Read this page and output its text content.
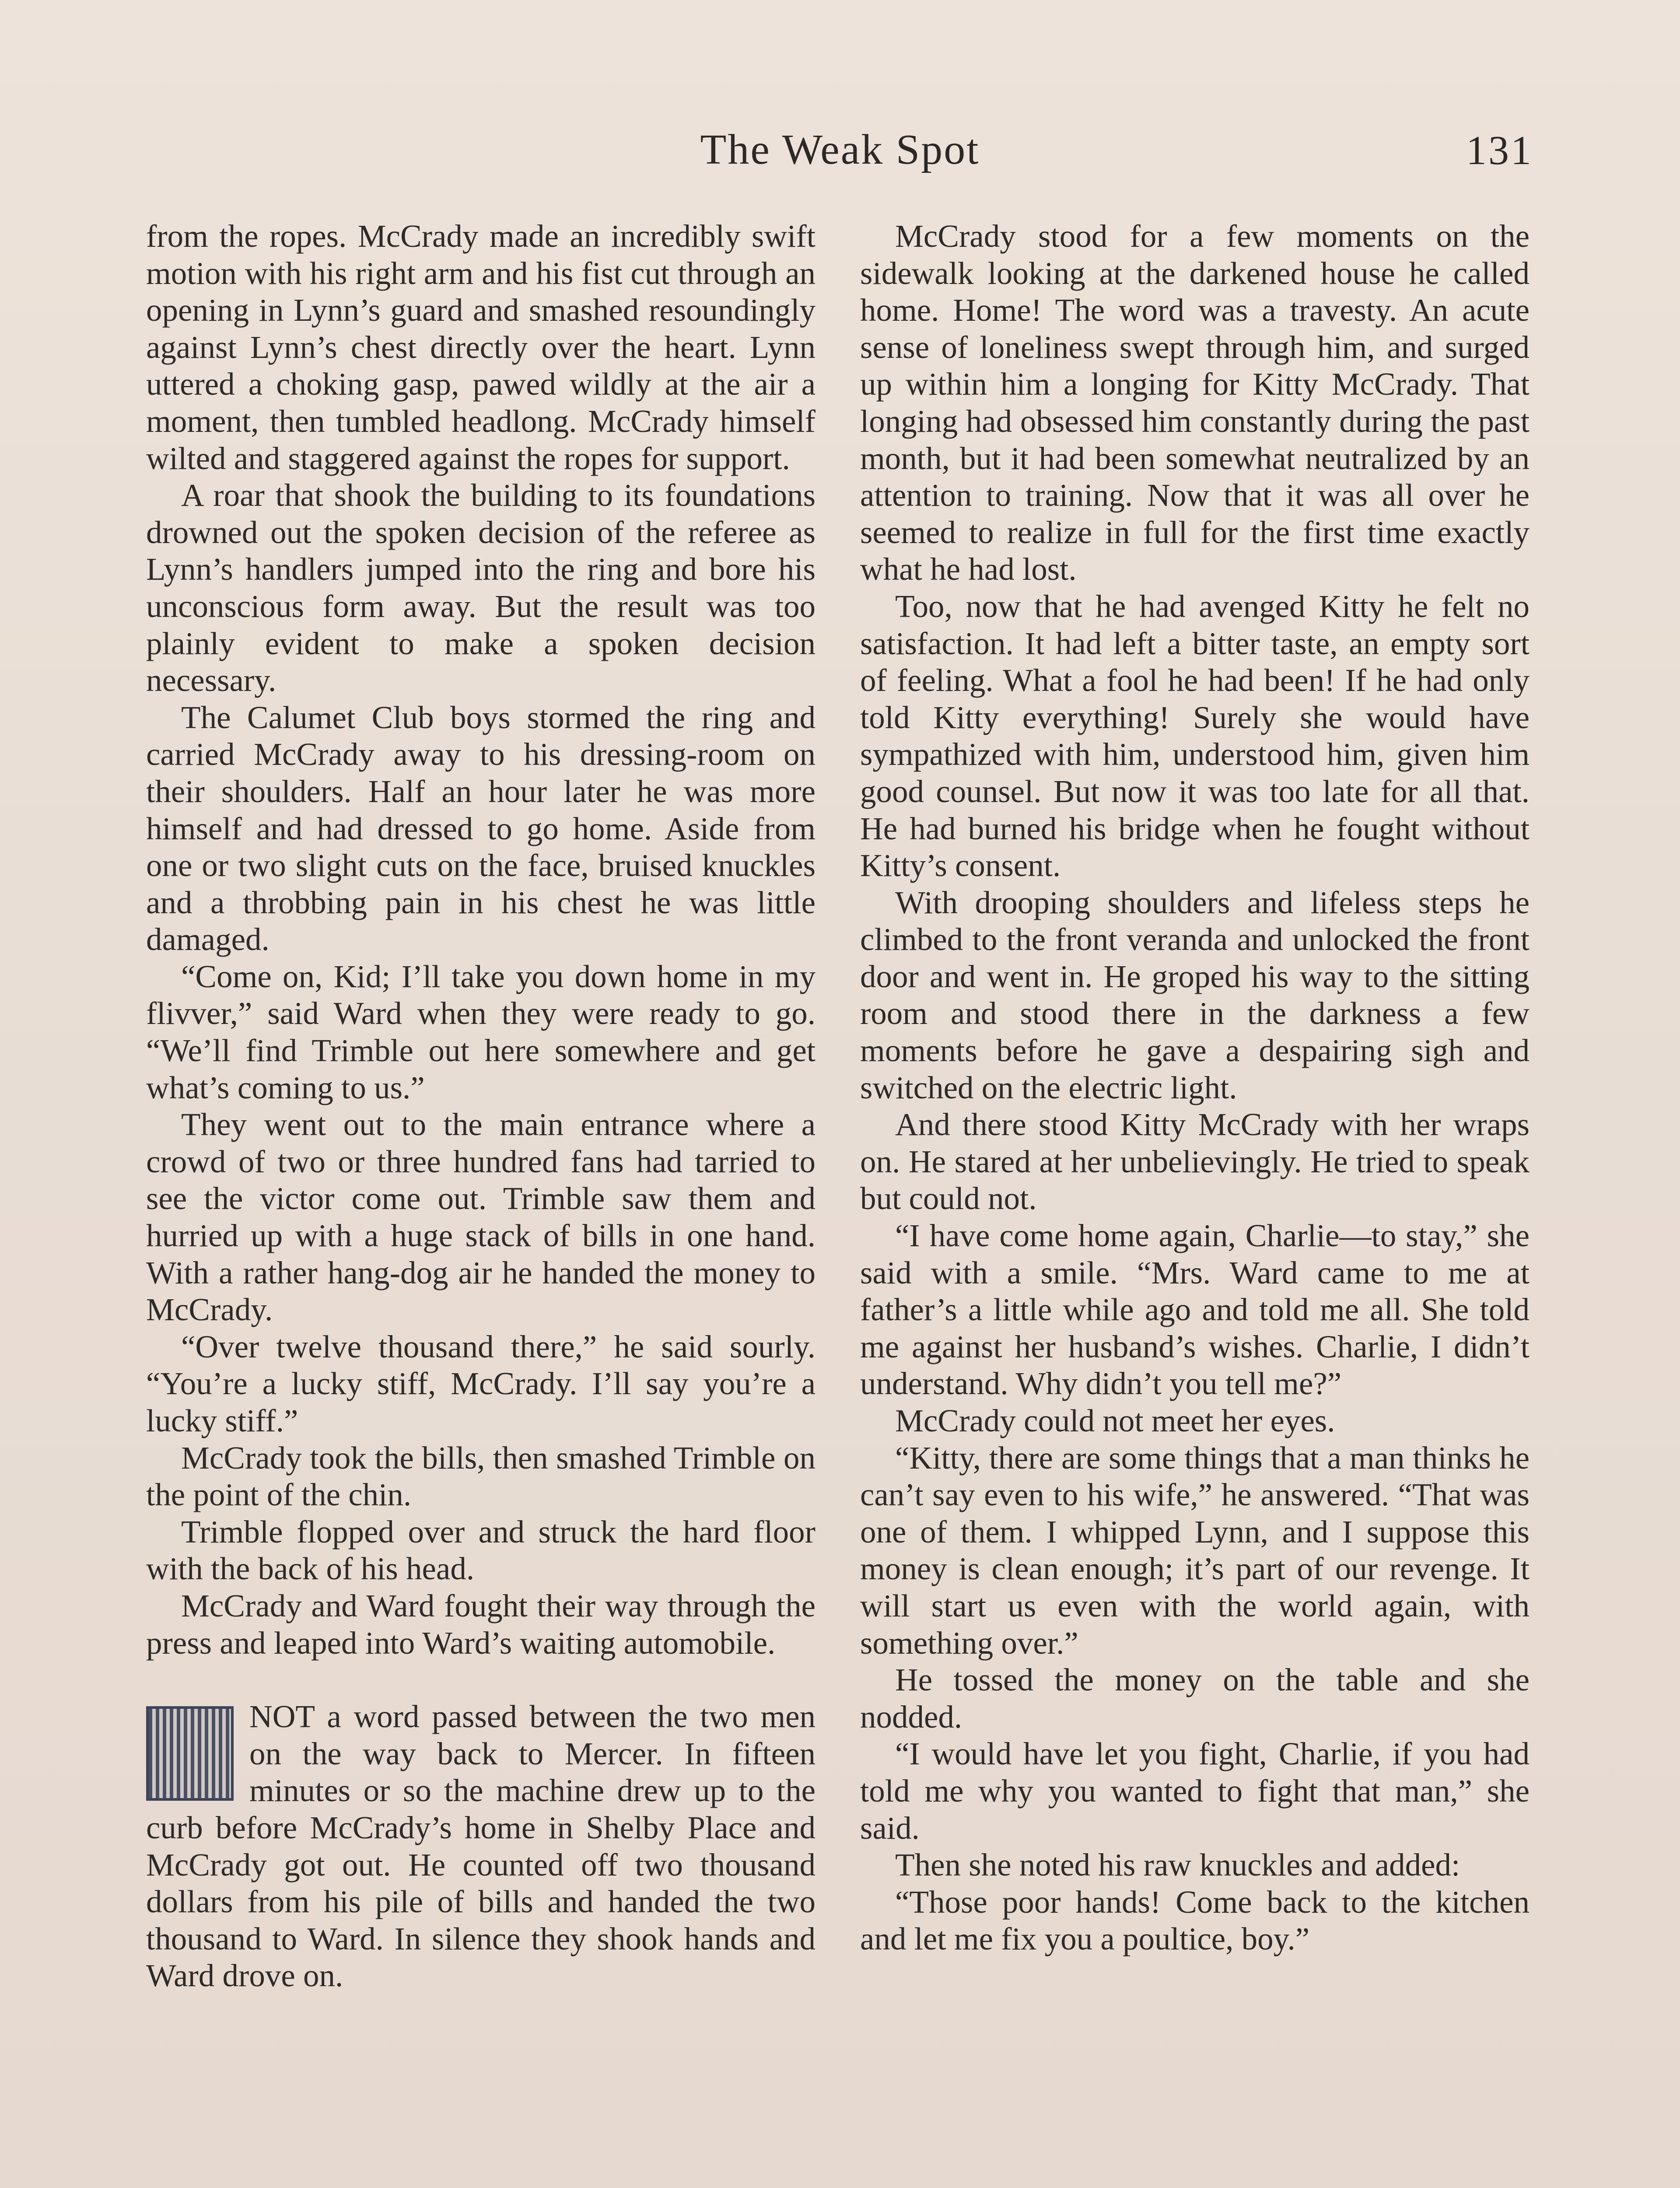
The Weak Spot	131

from the ropes. McCrady made an incredibly swift motion with his right arm and his fist cut through an opening in Lynn’s guard and smashed resoundingly against Lynn’s chest directly over the heart. Lynn uttered a choking gasp, pawed wildly at the air a moment, then tumbled headlong. McCrady himself wilted and staggered against the ropes for support.

A roar that shook the building to its foundations drowned out the spoken decision of the referee as Lynn’s handlers jumped into the ring and bore his unconscious form away. But the result was too plainly evident to make a spoken decision necessary.

The Calumet Club boys stormed the ring and carried McCrady away to his dressing-room on their shoulders. Half an hour later he was more himself and had dressed to go home. Aside from one or two slight cuts on the face, bruised knuckles and a throbbing pain in his chest he was little damaged.

“Come on, Kid; I’ll take you down home in my flivver,” said Ward when they were ready to go. “We’ll find Trimble out here somewhere and get what’s coming to us.”

They went out to the main entrance where a crowd of two or three hundred fans had tarried to see the victor come out. Trimble saw them and hurried up with a huge stack of bills in one hand. With a rather hang-dog air he handed the money to McCrady.

“Over twelve thousand there,” he said sourly. “You’re a lucky stiff, McCrady. I’ll say you’re a lucky stiff.”

McCrady took the bills, then smashed Trimble on the point of the chin.

Trimble flopped over and struck the hard floor with the back of his head.

McCrady and Ward fought their way through the press and leaped into Ward’s waiting automobile.

NOT a word passed between the two men on the way back to Mercer. In fifteen minutes or so the machine drew up to the curb before McCrady’s home in Shelby Place and McCrady got out. He counted off two thousand dollars from his pile of bills and handed the two thousand to Ward. In silence they shook hands and Ward drove on.

McCrady stood for a few moments on the sidewalk looking at the darkened house he called home. Home! The word was a travesty. An acute sense of loneliness swept through him, and surged up within him a longing for Kitty McCrady. That longing had obsessed him constantly during the past month, but it had been somewhat neutralized by an attention to training. Now that it was all over he seemed to realize in full for the first time exactly what he had lost.

Too, now that he had avenged Kitty he felt no satisfaction. It had left a bitter taste, an empty sort of feeling. What a fool he had been! If he had only told Kitty everything! Surely she would have sympathized with him, understood him, given him good counsel. But now it was too late for all that. He had burned his bridge when he fought without Kitty’s consent.

With drooping shoulders and lifeless steps he climbed to the front veranda and unlocked the front door and went in. He groped his way to the sitting room and stood there in the darkness a few moments before he gave a despairing sigh and switched on the electric light.

And there stood Kitty McCrady with her wraps on. He stared at her unbelievingly. He tried to speak but could not.

“I have come home again, Charlie—to stay,” she said with a smile. “Mrs. Ward came to me at father’s a little while ago and told me all. She told me against her husband’s wishes. Charlie, I didn’t understand. Why didn’t you tell me?”

McCrady could not meet her eyes.

“Kitty, there are some things that a man thinks he can’t say even to his wife,” he answered. “That was one of them. I whipped Lynn, and I suppose this money is clean enough; it’s part of our revenge. It will start us even with the world again, with something over.”

He tossed the money on the table and she nodded.

“I would have let you fight, Charlie, if you had told me why you wanted to fight that man,” she said.

Then she noted his raw knuckles and added:

“Those poor hands! Come back to the kitchen and let me fix you a poultice, boy.”
